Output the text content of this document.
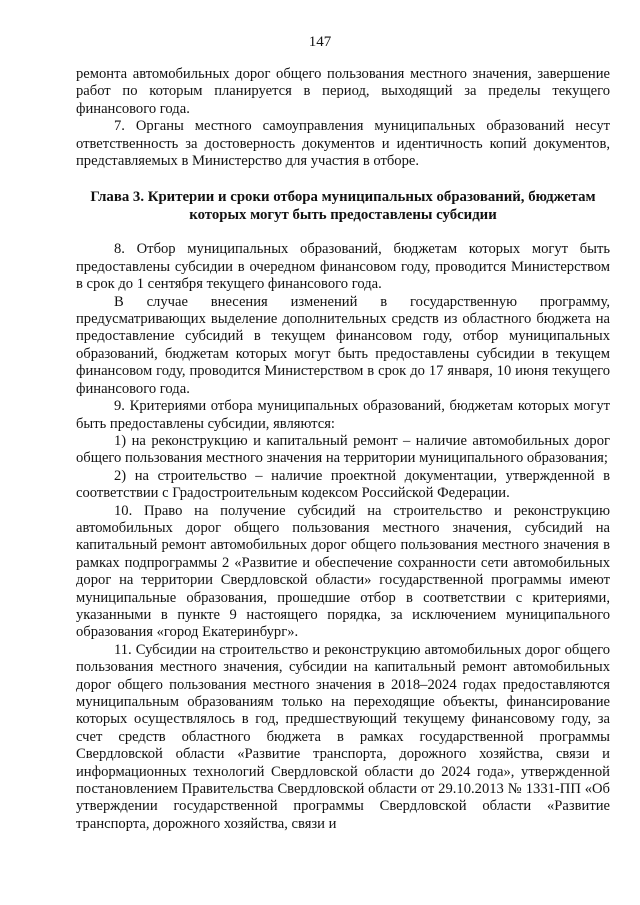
147

ремонта автомобильных дорог общего пользования местного значения, завершение работ по которым планируется в период, выходящий за пределы текущего финансового года.

7. Органы местного самоуправления муниципальных образований несут ответственность за достоверность документов и идентичность копий документов, представляемых в Министерство для участия в отборе.

Глава 3. Критерии и сроки отбора муниципальных образований, бюджетам которых могут быть предоставлены субсидии

8. Отбор муниципальных образований, бюджетам которых могут быть предоставлены субсидии в очередном финансовом году, проводится Министерством в срок до 1 сентября текущего финансового года.

В случае внесения изменений в государственную программу, предусматривающих выделение дополнительных средств из областного бюджета на предоставление субсидий в текущем финансовом году, отбор муниципальных образований, бюджетам которых могут быть предоставлены субсидии в текущем финансовом году, проводится Министерством в срок до 17 января, 10 июня текущего финансового года.

9. Критериями отбора муниципальных образований, бюджетам которых могут быть предоставлены субсидии, являются:

1) на реконструкцию и капитальный ремонт – наличие автомобильных дорог общего пользования местного значения на территории муниципального образования;

2) на строительство – наличие проектной документации, утвержденной в соответствии с Градостроительным кодексом Российской Федерации.

10. Право на получение субсидий на строительство и реконструкцию автомобильных дорог общего пользования местного значения, субсидий на капитальный ремонт автомобильных дорог общего пользования местного значения в рамках подпрограммы 2 «Развитие и обеспечение сохранности сети автомобильных дорог на территории Свердловской области» государственной программы имеют муниципальные образования, прошедшие отбор в соответствии с критериями, указанными в пункте 9 настоящего порядка, за исключением муниципального образования «город Екатеринбург».

11. Субсидии на строительство и реконструкцию автомобильных дорог общего пользования местного значения, субсидии на капитальный ремонт автомобильных дорог общего пользования местного значения в 2018–2024 годах предоставляются муниципальным образованиям только на переходящие объекты, финансирование которых осуществлялось в год, предшествующий текущему финансовому году, за счет средств областного бюджета в рамках государственной программы Свердловской области «Развитие транспорта, дорожного хозяйства, связи и информационных технологий Свердловской области до 2024 года», утвержденной постановлением Правительства Свердловской области от 29.10.2013 № 1331-ПП «Об утверждении государственной программы Свердловской области «Развитие транспорта, дорожного хозяйства, связи и
